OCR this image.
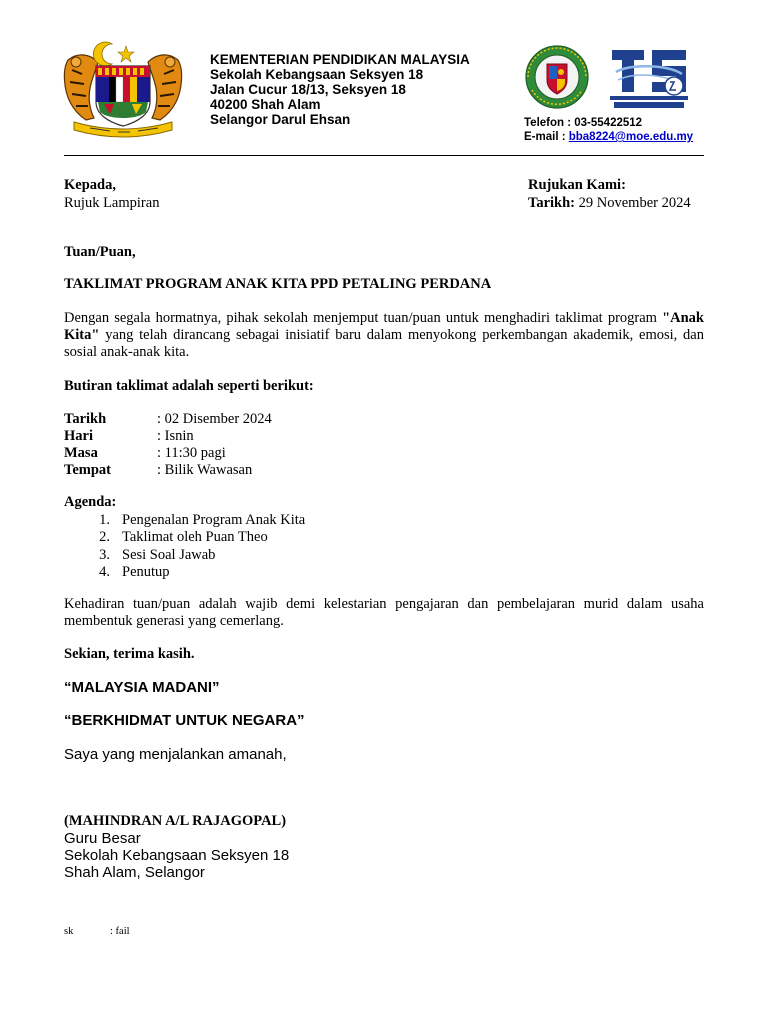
KEMENTERIAN PENDIDIKAN MALAYSIA
Sekolah Kebangsaan Seksyen 18
Jalan Cucur 18/13, Seksyen 18
40200 Shah Alam
Selangor Darul Ehsan	Telefon : 03-55422512
E-mail : bba8224@moe.edu.my
Kepada,
Rujuk Lampiran
Rujukan Kami:
Tarikh: 29 November 2024
Tuan/Puan,
TAKLIMAT PROGRAM ANAK KITA PPD PETALING PERDANA
Dengan segala hormatnya, pihak sekolah menjemput tuan/puan untuk menghadiri taklimat program "Anak Kita" yang telah dirancang sebagai inisiatif baru dalam menyokong perkembangan akademik, emosi, dan sosial anak-anak kita.
Butiran taklimat adalah seperti berikut:
Tarikh	: 02 Disember 2024
Hari	: Isnin
Masa	: 11:30 pagi
Tempat	: Bilik Wawasan
Agenda:
1. Pengenalan Program Anak Kita
2. Taklimat oleh Puan Theo
3. Sesi Soal Jawab
4. Penutup
Kehadiran tuan/puan adalah wajib demi kelestarian pengajaran dan pembelajaran murid dalam usaha membentuk generasi yang cemerlang.
Sekian, terima kasih.
“MALAYSIA MADANI”
“BERKHIDMAT UNTUK NEGARA”
Saya yang menjalankan amanah,
(MAHINDRAN A/L RAJAGOPAL)
Guru Besar
Sekolah Kebangsaan Seksyen 18
Shah Alam, Selangor
sk	: fail
